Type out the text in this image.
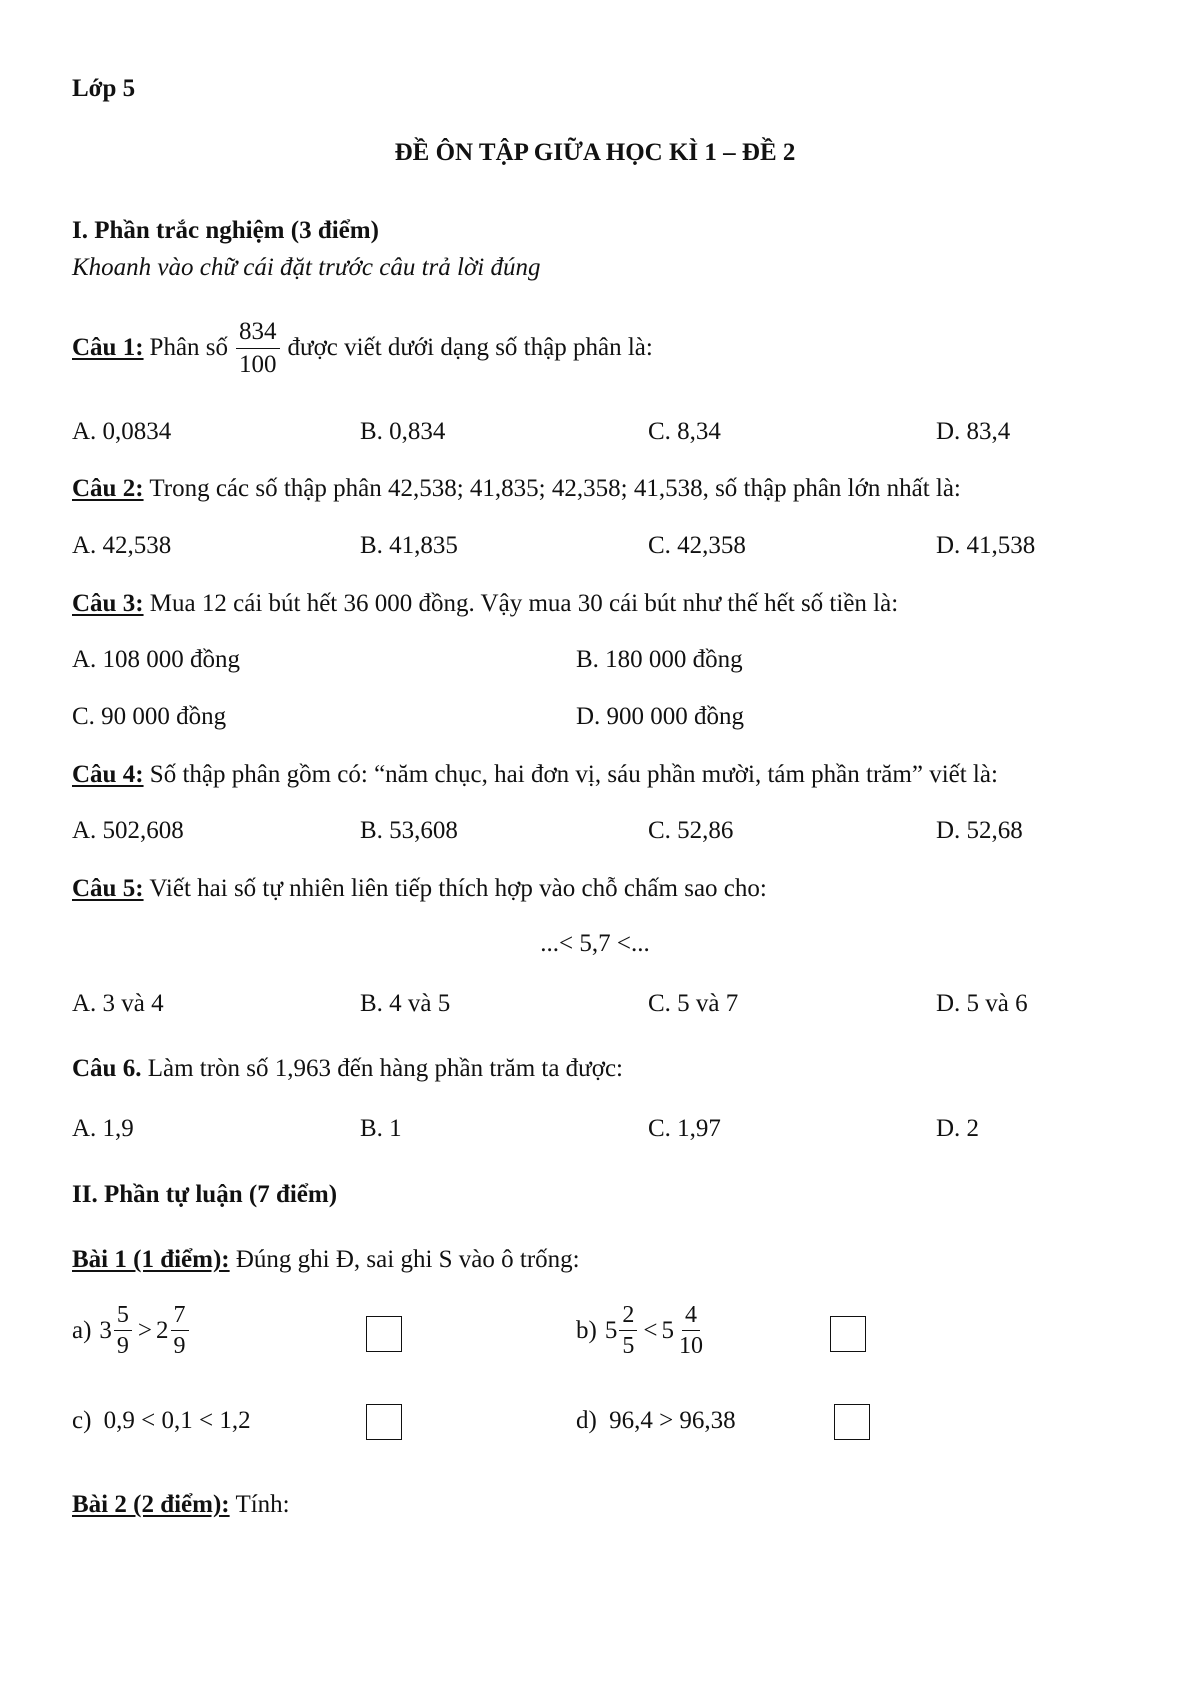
Lớp 5
ĐỀ ÔN TẬP GIỮA HỌC KÌ 1 – ĐỀ 2
I. Phần trắc nghiệm (3 điểm)
Khoanh vào chữ cái đặt trước câu trả lời đúng
Câu 1: Phân số $\frac{834}{100}$ được viết dưới dạng số thập phân là:
A. 0,0834	B. 0,834	C. 8,34	D. 83,4
Câu 2: Trong các số thập phân 42,538; 41,835; 42,358; 41,538, số thập phân lớn nhất là:
A. 42,538	B. 41,835	C. 42,358	D. 41,538
Câu 3: Mua 12 cái bút hết 36 000 đồng. Vậy mua 30 cái bút như thế hết số tiền là:
A. 108 000 đồng	B. 180 000 đồng
C. 90 000 đồng	D. 900 000 đồng
Câu 4: Số thập phân gồm có: “năm chục, hai đơn vị, sáu phần mười, tám phần trăm” viết là:
A. 502,608	B. 53,608	C. 52,86	D. 52,68
Câu 5: Viết hai số tự nhiên liên tiếp thích hợp vào chỗ chấm sao cho:
...< 5,7 <...
A. 3 và 4	B. 4 và 5	C. 5 và 7	D. 5 và 6
Câu 6. Làm tròn số 1,963 đến hàng phần trăm ta được:
A. 1,9	B. 1	C. 1,97	D. 2
II. Phần tự luận (7 điểm)
Bài 1 (1 điểm): Đúng ghi Đ, sai ghi S vào ô trống:
a) $3 \frac{5}{9} > 2 \frac{7}{9}$	b) $5 \frac{2}{5} < 5 \frac{4}{10}$
c) 0,9 < 0,1 < 1,2	d) 96,4 > 96,38
Bài 2 (2 điểm): Tính:
